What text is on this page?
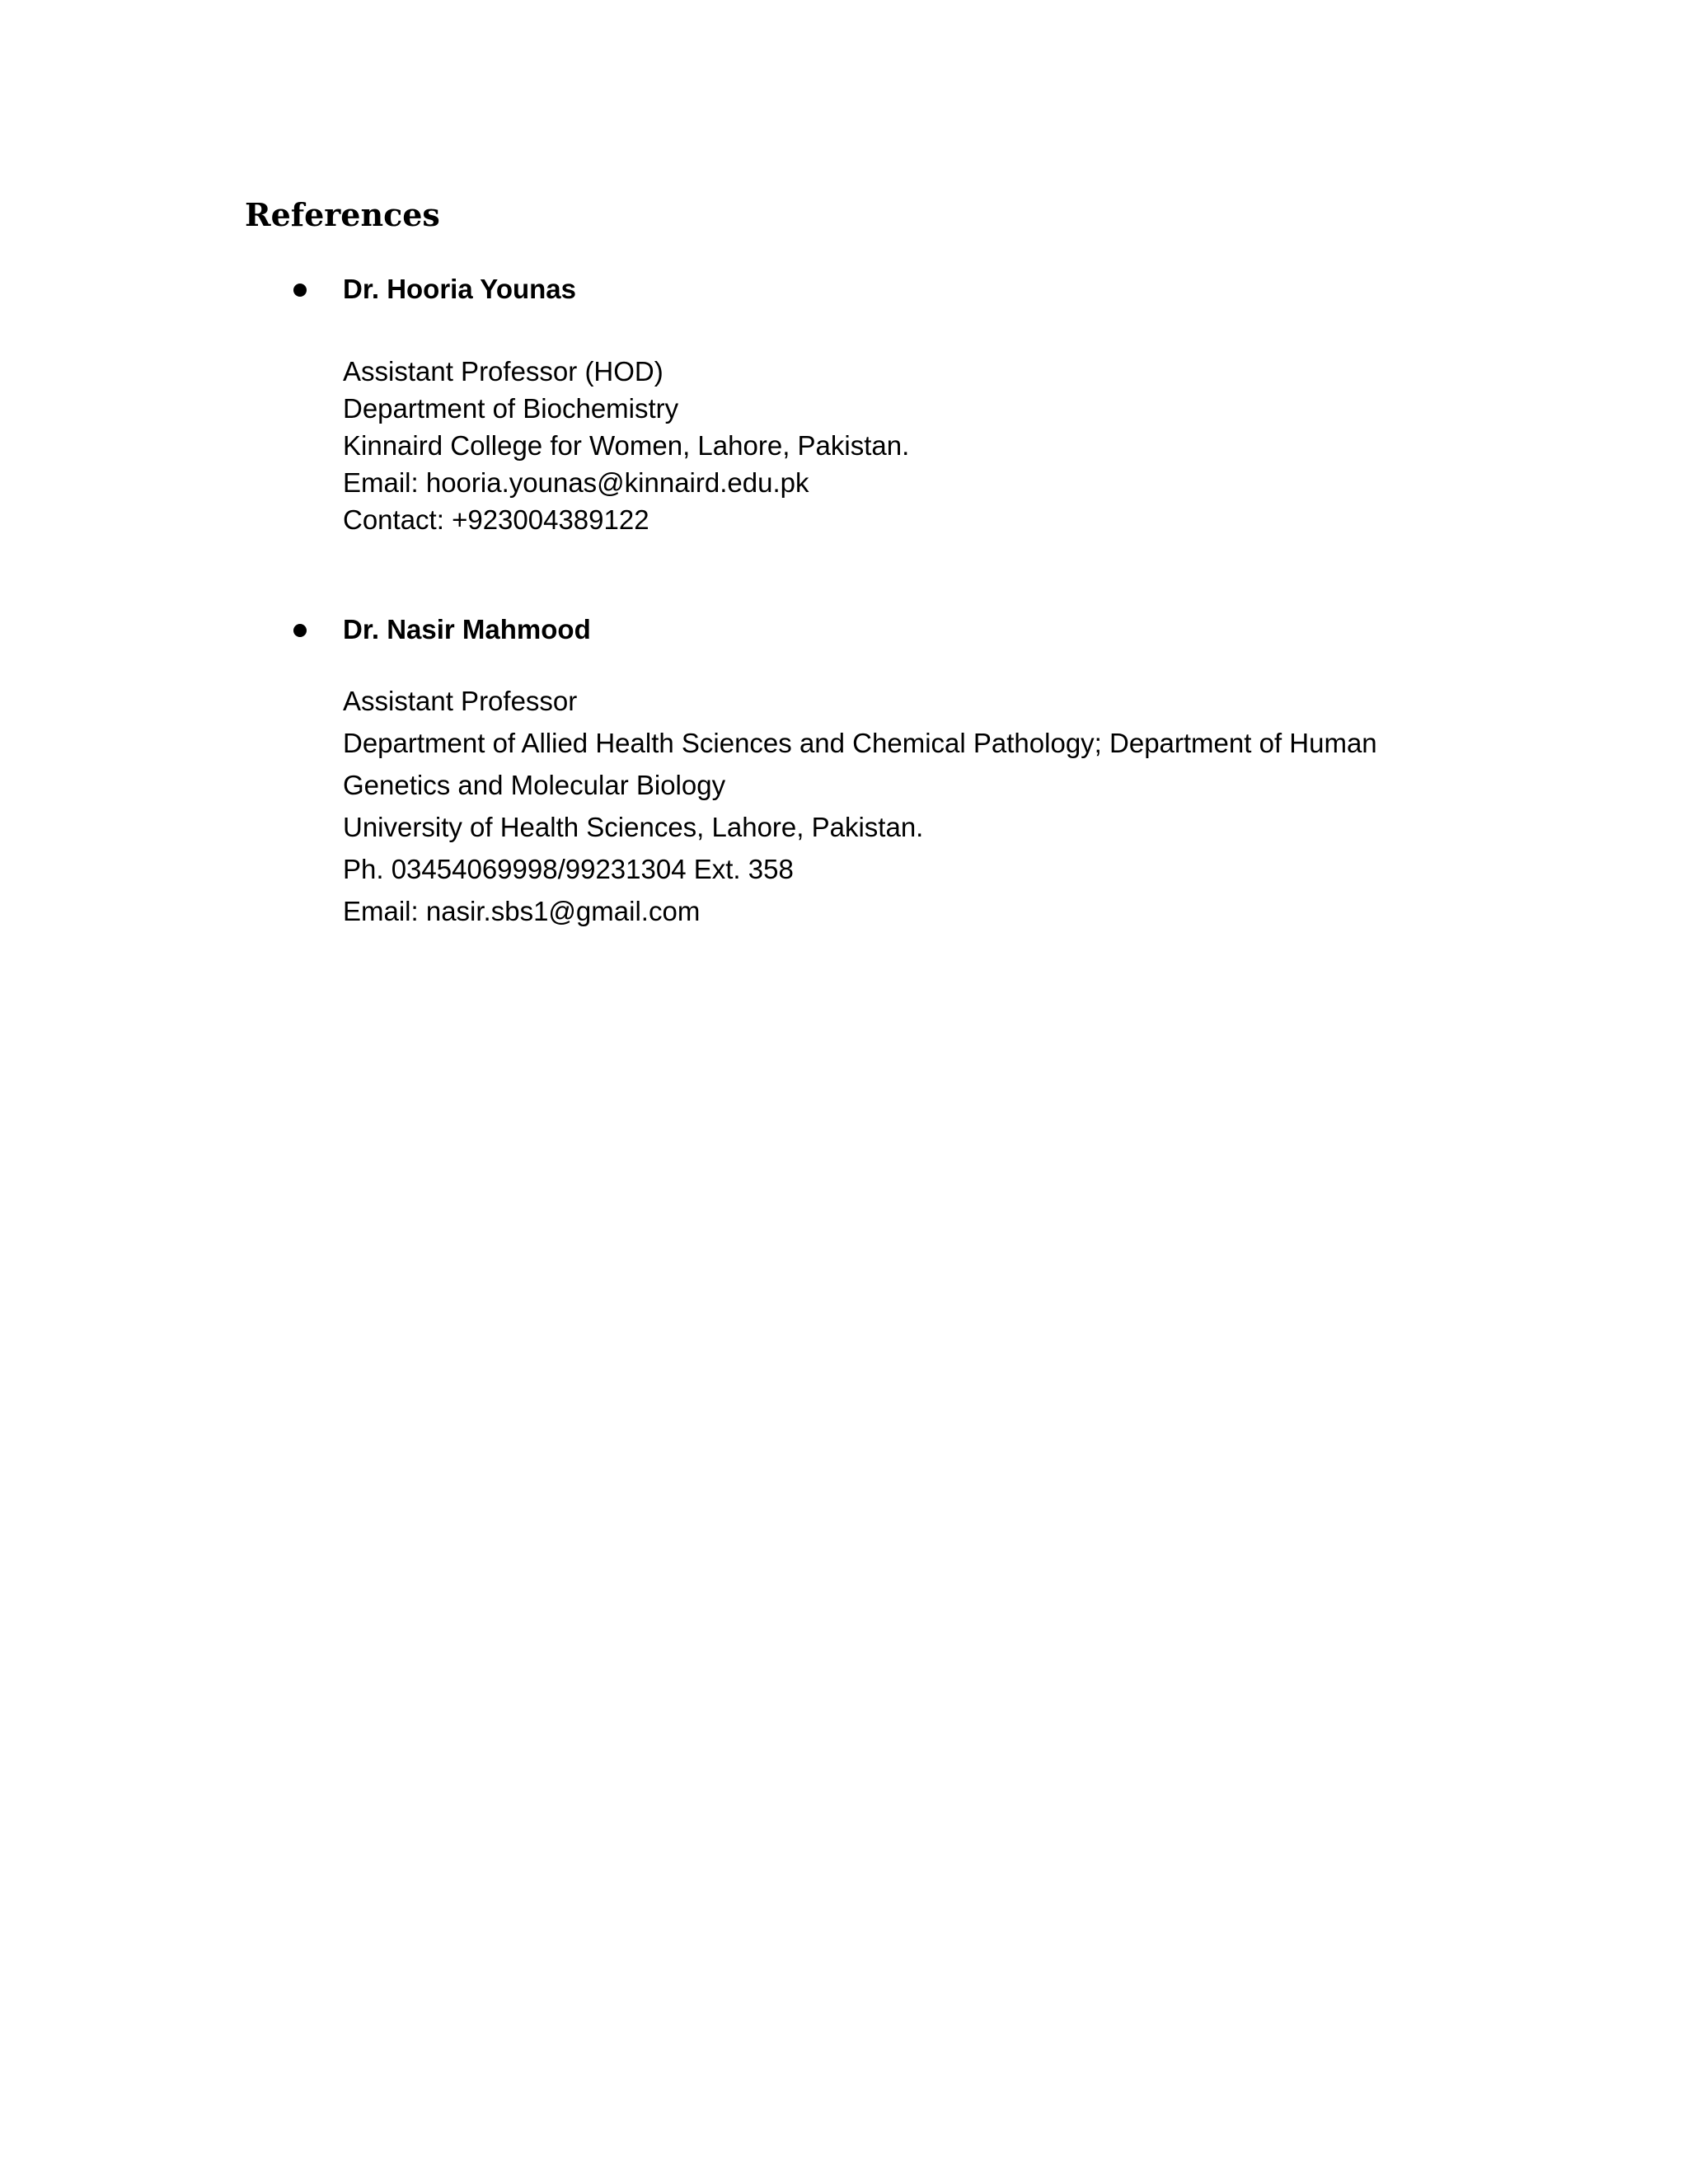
References
Dr. Hooria Younas

Assistant Professor (HOD)

Department of Biochemistry

Kinnaird College for Women, Lahore, Pakistan.

Email: hooria.younas@kinnaird.edu.pk

Contact: +923004389122

Dr. Nasir Mahmood

Assistant Professor

Department of Allied Health Sciences and Chemical Pathology; Department of Human

Genetics and Molecular Biology

University of Health Sciences, Lahore, Pakistan.

Ph. 03454069998/99231304 Ext. 358

Email: nasir.sbs1@gmail.com
